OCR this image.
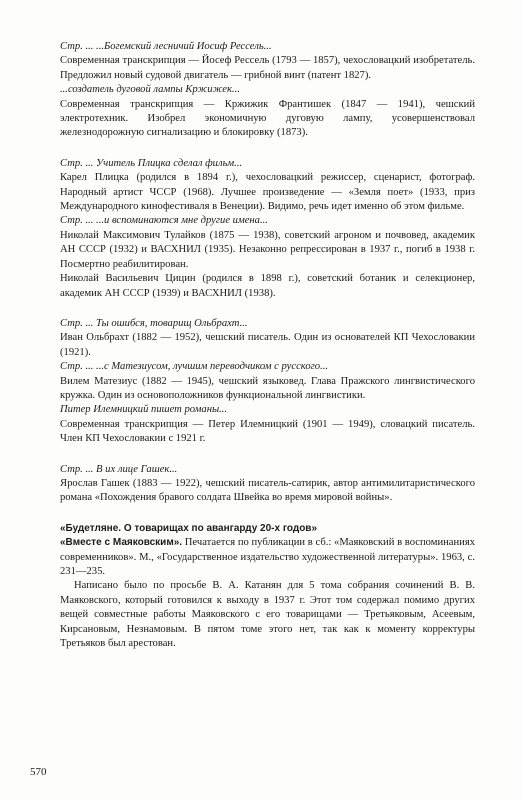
Стр. ... ...Богемский лесничий Иосиф Рессель...

Современная транскрипция — Йосеф Рессель (1793 — 1857), чехословацкий изобретатель. Предложил новый судовой двигатель — грибной винт (патент 1827).

...создатель дуговой лампы Кржижек...

Современная транскрипция — Кржижик Франтишек (1847 — 1941), чешский электротехник. Изобрел экономичную дуговую лампу, усовершенствовал железнодорожную сигнализацию и блокировку (1873).

Стр. ... Учитель Плицка сделал фильм...

Карел Плицка (родился в 1894 г.), чехословацкий режиссер, сценарист, фотограф. Народный артист ЧССР (1968). Лучшее произведение — «Земля поет» (1933, приз Международного кинофестиваля в Венеции). Видимо, речь идет именно об этом фильме.

Стр. ... ...и вспоминаются мне другие имена...

Николай Максимович Тулайков (1875 — 1938), советский агроном и почвовед, академик АН СССР (1932) и ВАСХНИЛ (1935). Незаконно репрессирован в 1937 г., погиб в 1938 г. Посмертно реабилитирован.

Николай Васильевич Цицин (родился в 1898 г.), советский ботаник и селекционер, академик АН СССР (1939) и ВАСХНИЛ (1938).

Стр. ... Ты ошибся, товарищ Ольбрахт...

Иван Ольбрахт (1882 — 1952), чешский писатель. Один из основателей КП Чехословакии (1921).

Стр. ... ...с Матезиусом, лучшим переводчиком с русского...

Вилем Матезиус (1882 — 1945), чешский языковед. Глава Пражского лингвистического кружка. Один из основоположников функциональной лингвистики.

Питер Илемницкий пишет романы...

Современная транскрипция — Петер Илемницкий (1901 — 1949), словацкий писатель. Член КП Чехословакии с 1921 г.

Стр. ... В их лице Гашек...

Ярослав Гашек (1883 — 1922), чешский писатель-сатирик, автор антимилитаристического романа «Похождения бравого солдата Швейка во время мировой войны».

«Будетляне. О товарищах по авангарду 20-х годов»

«Вместе с Маяковским». Печатается по публикации в сб.: «Маяковский в воспоминаниях современников». М., «Государственное издательство художественной литературы». 1963, с. 231—235.

Написано было по просьбе В. А. Катанян для 5 тома собрания сочинений В. В. Маяковского, который готовился к выходу в 1937 г. Этот том содержал помимо других вещей совместные работы Маяковского с его товарищами — Третьяковым, Асеевым, Кирсановым, Незнамовым. В пятом томе этого нет, так как к моменту корректуры Третьяков был арестован.

570
